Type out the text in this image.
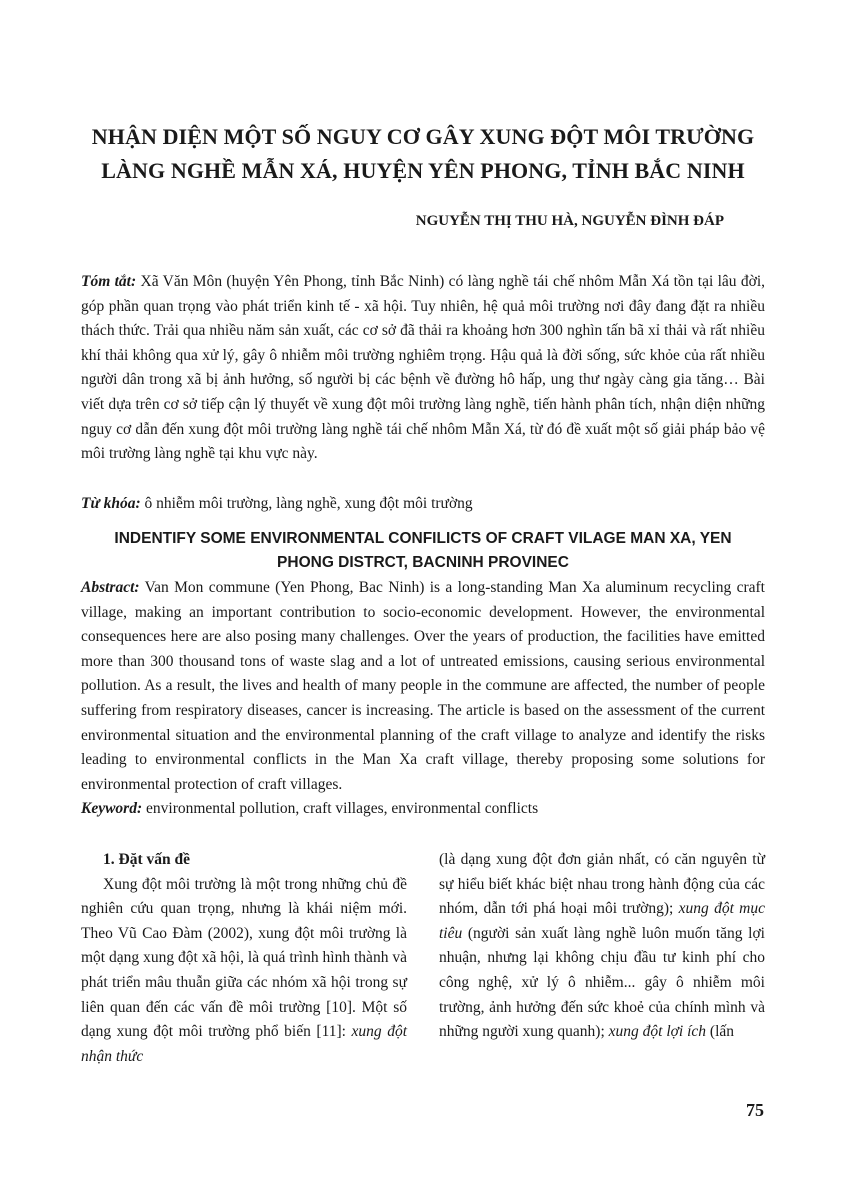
NHẬN DIỆN MỘT SỐ NGUY CƠ GÂY XUNG ĐỘT MÔI TRƯỜNG
LÀNG NGHỀ MẪN XÁ, HUYỆN YÊN PHONG, TỈNH BẮC NINH
NGUYỄN THỊ THU HÀ, NGUYỄN ĐÌNH ĐÁP
Tóm tắt: Xã Văn Môn (huyện Yên Phong, tỉnh Bắc Ninh) có làng nghề tái chế nhôm Mẫn Xá tồn tại lâu đời, góp phần quan trọng vào phát triển kinh tế - xã hội. Tuy nhiên, hệ quả môi trường nơi đây đang đặt ra nhiều thách thức. Trải qua nhiều năm sản xuất, các cơ sở đã thải ra khoảng hơn 300 nghìn tấn bã xỉ thải và rất nhiều khí thải không qua xử lý, gây ô nhiễm môi trường nghiêm trọng. Hậu quả là đời sống, sức khỏe của rất nhiều người dân trong xã bị ảnh hưởng, số người bị các bệnh về đường hô hấp, ung thư ngày càng gia tăng… Bài viết dựa trên cơ sở tiếp cận lý thuyết về xung đột môi trường làng nghề, tiến hành phân tích, nhận diện những nguy cơ dẫn đến xung đột môi trường làng nghề tái chế nhôm Mẫn Xá, từ đó đề xuất một số giải pháp bảo vệ môi trường làng nghề tại khu vực này.
Từ khóa: ô nhiễm môi trường, làng nghề, xung đột môi trường
INDENTIFY SOME ENVIRONMENTAL CONFILICTS OF CRAFT VILAGE MAN XA, YEN
PHONG DISTRCT, BACNINH PROVINEC
Abstract: Van Mon commune (Yen Phong, Bac Ninh) is a long-standing Man Xa aluminum recycling craft village, making an important contribution to socio-economic development. However, the environmental consequences here are also posing many challenges. Over the years of production, the facilities have emitted more than 300 thousand tons of waste slag and a lot of untreated emissions, causing serious environmental pollution. As a result, the lives and health of many people in the commune are affected, the number of people suffering from respiratory diseases, cancer is increasing. The article is based on the assessment of the current environmental situation and the environmental planning of the craft village to analyze and identify the risks leading to environmental conflicts in the Man Xa craft village, thereby proposing some solutions for environmental protection of craft villages.
Keyword: environmental pollution, craft villages, environmental conflicts

1. Đặt vấn đề

Xung đột môi trường là một trong những chủ đề nghiên cứu quan trọng, nhưng là khái niệm mới. Theo Vũ Cao Đàm (2002), xung đột môi trường là một dạng xung đột xã hội, là quá trình hình thành và phát triển mâu thuẫn giữa các nhóm xã hội trong sự liên quan đến các vấn đề môi trường [10]. Một số dạng xung đột môi trường phổ biến [11]: xung đột nhận thức

(là dạng xung đột đơn giản nhất, có căn nguyên từ sự hiểu biết khác biệt nhau trong hành động của các nhóm, dẫn tới phá hoại môi trường); xung đột mục tiêu (người sản xuất làng nghề luôn muốn tăng lợi nhuận, nhưng lại không chịu đầu tư kinh phí cho công nghệ, xử lý ô nhiễm... gây ô nhiễm môi trường, ảnh hưởng đến sức khoẻ của chính mình và những người xung quanh); xung đột lợi ích (lấn

75
